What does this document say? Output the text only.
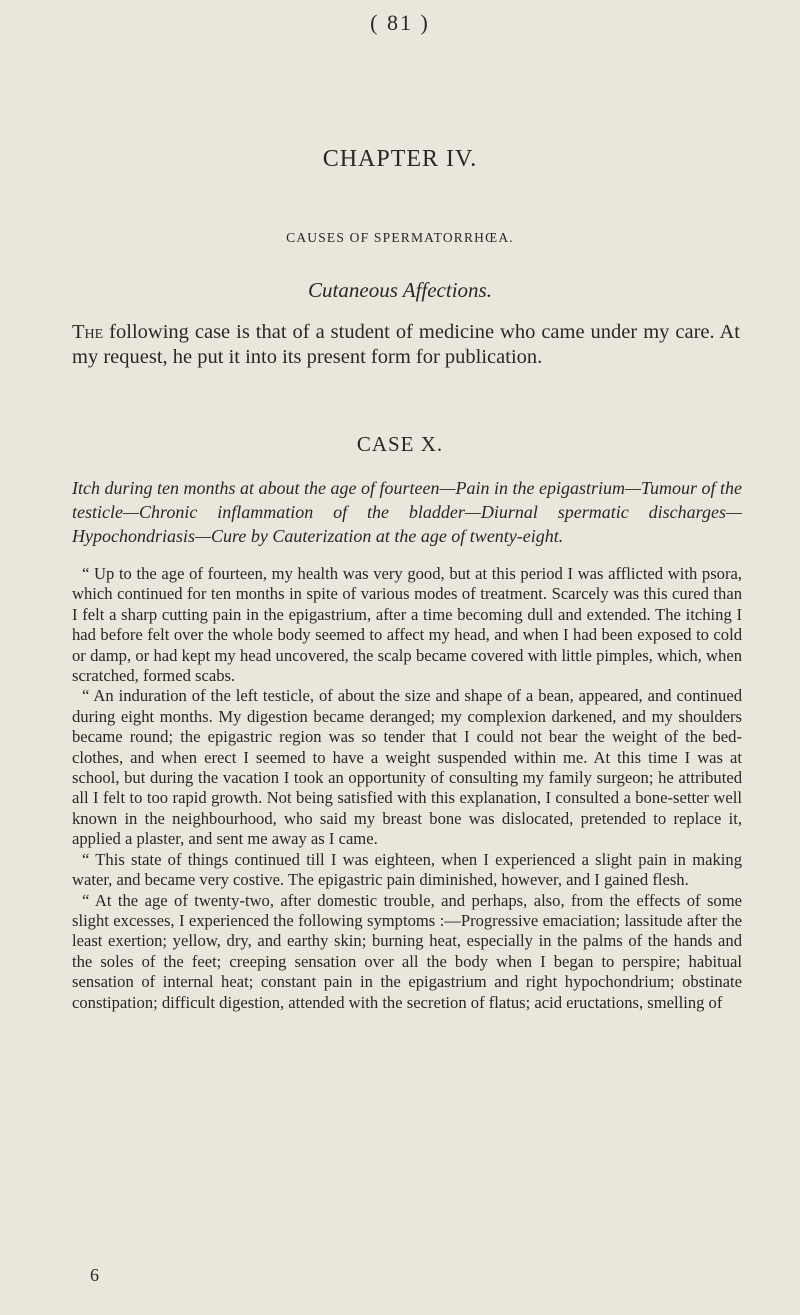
( 81 )
CHAPTER IV.
CAUSES OF SPERMATORRHŒA.
Cutaneous Affections.

The following case is that of a student of medicine who came under my care. At my request, he put it into its present form for publication.

CASE X.

Itch during ten months at about the age of fourteen—Pain in the epigastrium—Tumour of the testicle—Chronic inflammation of the bladder—Diurnal spermatic discharges—Hypochondriasis—Cure by Cauterization at the age of twenty-eight.

“ Up to the age of fourteen, my health was very good, but at this period I was afflicted with psora, which continued for ten months in spite of various modes of treatment. Scarcely was this cured than I felt a sharp cutting pain in the epigastrium, after a time becoming dull and extended. The itching I had before felt over the whole body seemed to affect my head, and when I had been exposed to cold or damp, or had kept my head uncovered, the scalp became covered with little pimples, which, when scratched, formed scabs.

“ An induration of the left testicle, of about the size and shape of a bean, appeared, and continued during eight months. My digestion became deranged; my complexion darkened, and my shoulders became round; the epigastric region was so tender that I could not bear the weight of the bed-clothes, and when erect I seemed to have a weight suspended within me. At this time I was at school, but during the vacation I took an opportunity of consulting my family surgeon; he attributed all I felt to too rapid growth. Not being satisfied with this explanation, I consulted a bone-setter well known in the neighbourhood, who said my breast bone was dislocated, pretended to replace it, applied a plaster, and sent me away as I came.

“ This state of things continued till I was eighteen, when I experienced a slight pain in making water, and became very costive. The epigastric pain diminished, however, and I gained flesh.

“ At the age of twenty-two, after domestic trouble, and perhaps, also, from the effects of some slight excesses, I experienced the following symptoms :—Progressive emaciation; lassitude after the least exertion; yellow, dry, and earthy skin; burning heat, especially in the palms of the hands and the soles of the feet; creeping sensation over all the body when I began to perspire; habitual sensation of internal heat; constant pain in the epigastrium and right hypochondrium; obstinate constipation; difficult digestion, attended with the secretion of flatus; acid eructations, smelling of

6
